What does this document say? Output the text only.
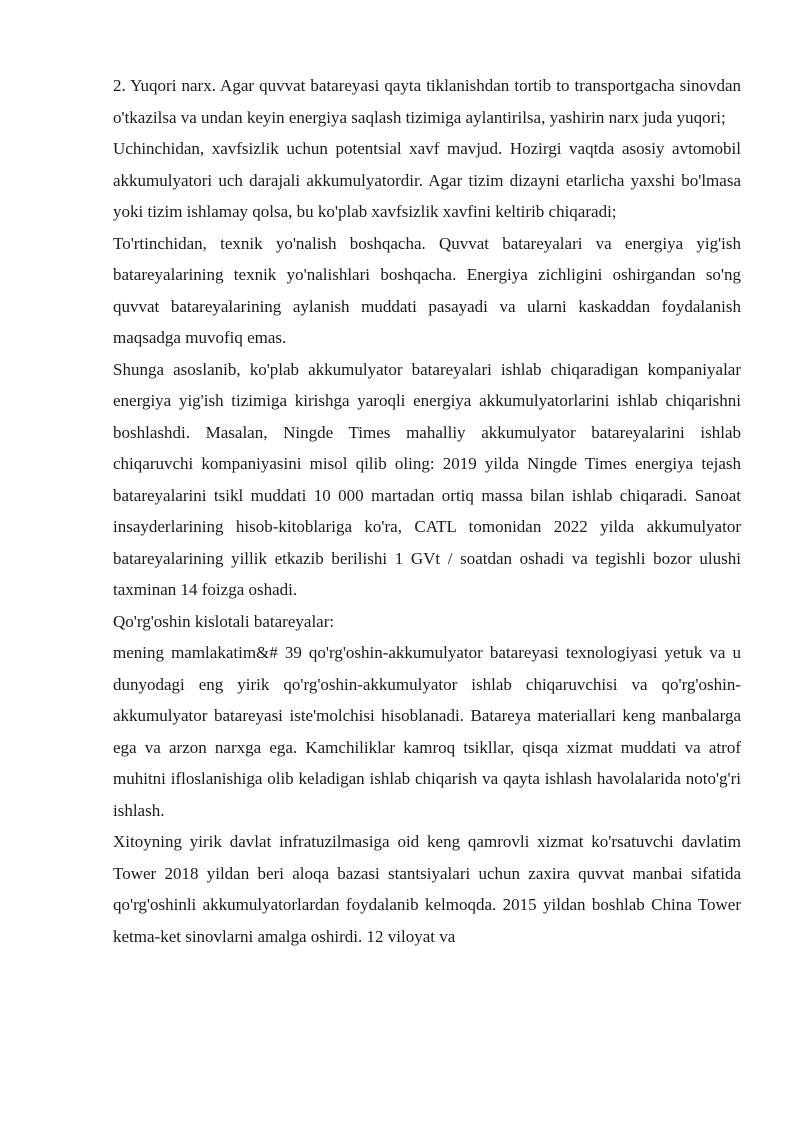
2. Yuqori narx. Agar quvvat batareyasi qayta tiklanishdan tortib to transportgacha sinovdan o'tkazilsa va undan keyin energiya saqlash tizimiga aylantirilsa, yashirin narx juda yuqori;

Uchinchidan, xavfsizlik uchun potentsial xavf mavjud. Hozirgi vaqtda asosiy avtomobil akkumulyatori uch darajali akkumulyatordir. Agar tizim dizayni etarlicha yaxshi bo'lmasa yoki tizim ishlamay qolsa, bu ko'plab xavfsizlik xavfini keltirib chiqaradi;

To'rtinchidan, texnik yo'nalish boshqacha. Quvvat batareyalari va energiya yig'ish batareyalarining texnik yo'nalishlari boshqacha. Energiya zichligini oshirgandan so'ng quvvat batareyalarining aylanish muddati pasayadi va ularni kaskaddan foydalanish maqsadga muvofiq emas.

Shunga asoslanib, ko'plab akkumulyator batareyalari ishlab chiqaradigan kompaniyalar energiya yig'ish tizimiga kirishga yaroqli energiya akkumulyatorlarini ishlab chiqarishni boshlashdi. Masalan, Ningde Times mahalliy akkumulyator batareyalarini ishlab chiqaruvchi kompaniyasini misol qilib oling: 2019 yilda Ningde Times energiya tejash batareyalarini tsikl muddati 10 000 martadan ortiq massa bilan ishlab chiqaradi. Sanoat insayderlarining hisob-kitoblariga ko'ra, CATL tomonidan 2022 yilda akkumulyator batareyalarining yillik etkazib berilishi 1 GVt / soatdan oshadi va tegishli bozor ulushi taxminan 14 foizga oshadi.

Qo'rg'oshin kislotali batareyalar:

mening mamlakatim&# 39 qo'rg'oshin-akkumulyator batareyasi texnologiyasi yetuk va u dunyodagi eng yirik qo'rg'oshin-akkumulyator ishlab chiqaruvchisi va qo'rg'oshin-akkumulyator batareyasi iste'molchisi hisoblanadi. Batareya materiallari keng manbalarga ega va arzon narxga ega. Kamchiliklar kamroq tsikllar, qisqa xizmat muddati va atrof muhitni ifloslanishiga olib keladigan ishlab chiqarish va qayta ishlash havolalarida noto'g'ri ishlash.

Xitoyning yirik davlat infratuzilmasiga oid keng qamrovli xizmat ko'rsatuvchi davlatim Tower 2018 yildan beri aloqa bazasi stantsiyalari uchun zaxira quvvat manbai sifatida qo'rg'oshinli akkumulyatorlardan foydalanib kelmoqda. 2015 yildan boshlab China Tower ketma-ket sinovlarni amalga oshirdi. 12 viloyat va
